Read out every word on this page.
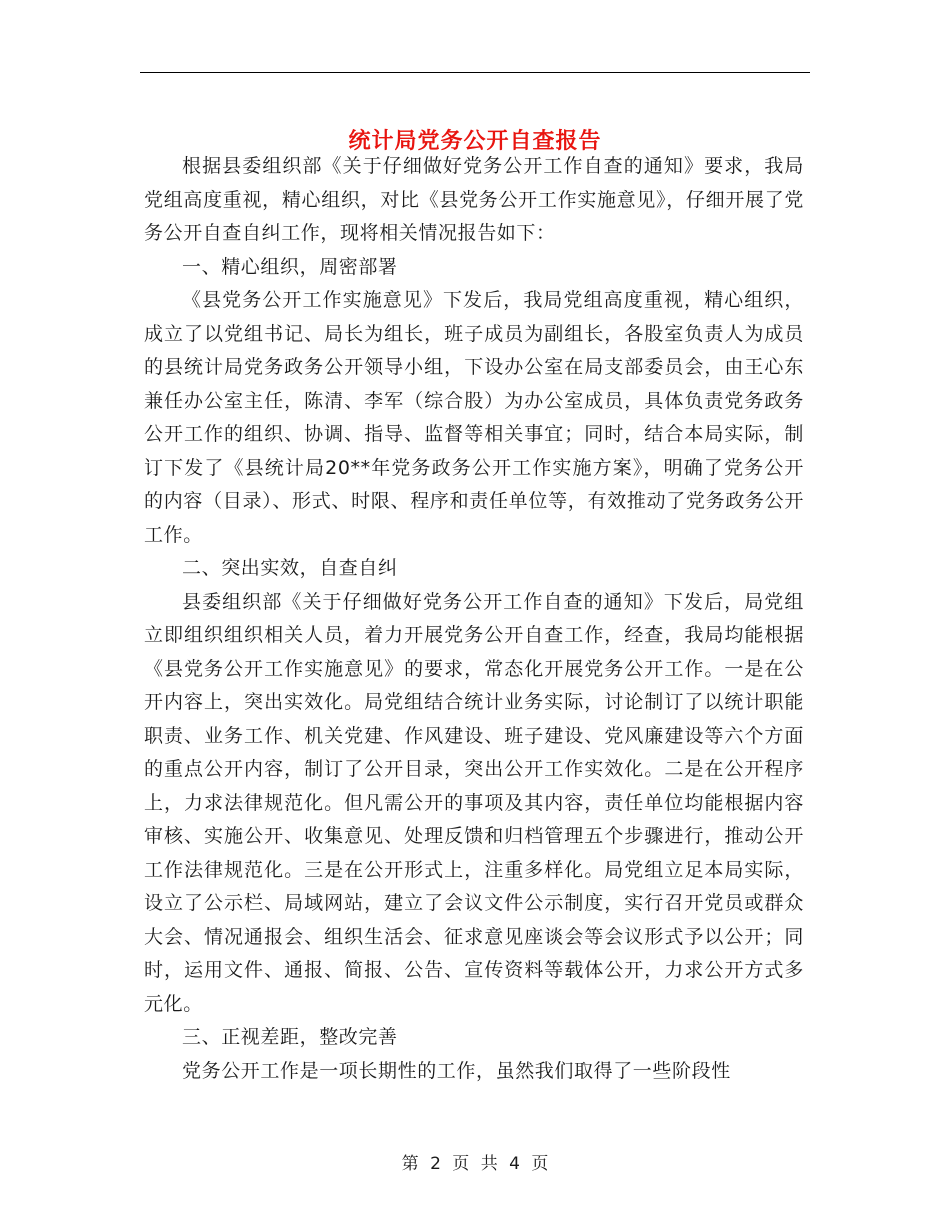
统计局党务公开自查报告

根据县委组织部《关于仔细做好党务公开工作自查的通知》要求，我局党组高度重视，精心组织，对比《县党务公开工作实施意见》，仔细开展了党务公开自查自纠工作，现将相关情况报告如下：

一、精心组织，周密部署

《县党务公开工作实施意见》下发后，我局党组高度重视，精心组织，成立了以党组书记、局长为组长，班子成员为副组长，各股室负责人为成员的县统计局党务政务公开领导小组，下设办公室在局支部委员会，由王心东兼任办公室主任，陈清、李军（综合股）为办公室成员，具体负责党务政务公开工作的组织、协调、指导、监督等相关事宜；同时，结合本局实际，制订下发了《县统计局20**年党务政务公开工作实施方案》，明确了党务公开的内容（目录）、形式、时限、程序和责任单位等，有效推动了党务政务公开工作。

二、突出实效，自查自纠

县委组织部《关于仔细做好党务公开工作自查的通知》下发后，局党组立即组织组织相关人员，着力开展党务公开自查工作，经查，我局均能根据《县党务公开工作实施意见》的要求，常态化开展党务公开工作。一是在公开内容上，突出实效化。局党组结合统计业务实际，讨论制订了以统计职能职责、业务工作、机关党建、作风建设、班子建设、党风廉建设等六个方面的重点公开内容，制订了公开目录，突出公开工作实效化。二是在公开程序上，力求法律规范化。但凡需公开的事项及其内容，责任单位均能根据内容审核、实施公开、收集意见、处理反馈和归档管理五个步骤进行，推动公开工作法律规范化。三是在公开形式上，注重多样化。局党组立足本局实际，设立了公示栏、局域网站，建立了会议文件公示制度，实行召开党员或群众大会、情况通报会、组织生活会、征求意见座谈会等会议形式予以公开；同时，运用文件、通报、简报、公告、宣传资料等载体公开，力求公开方式多元化。

三、正视差距，整改完善

党务公开工作是一项长期性的工作，虽然我们取得了一些阶段性

第 2 页 共 4 页
